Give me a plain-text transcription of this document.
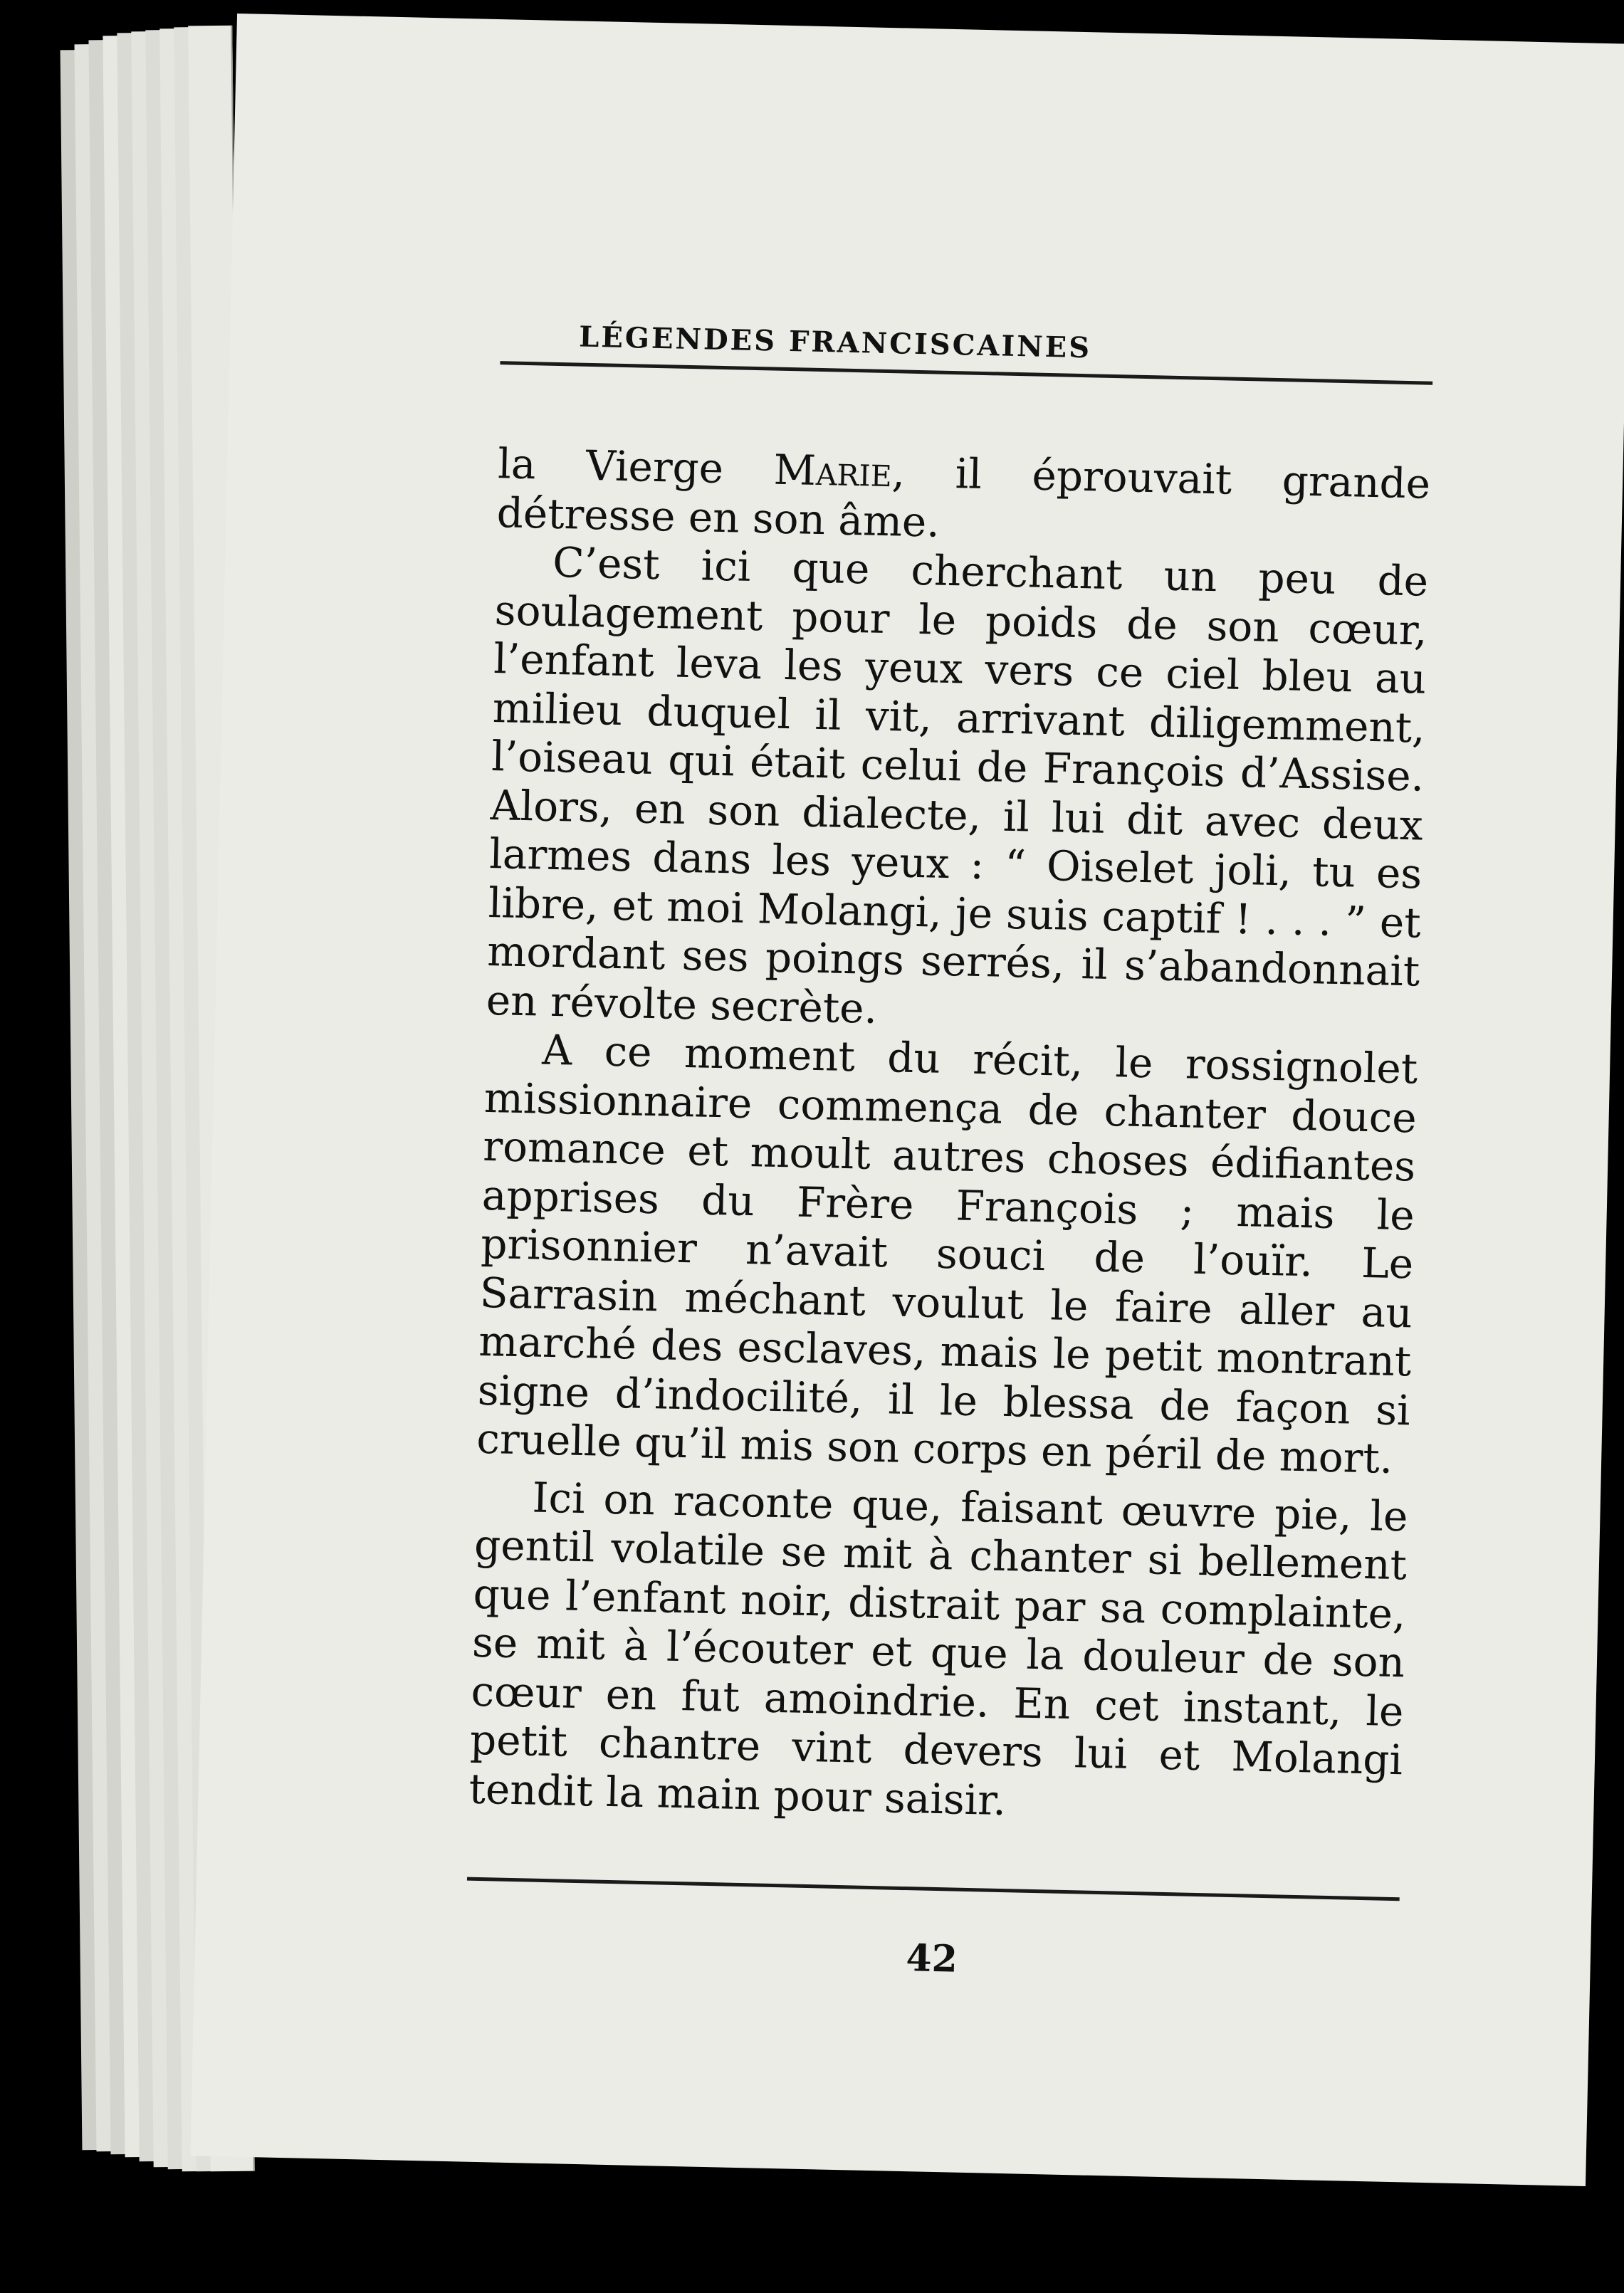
LÉGENDES FRANCISCAINES

la Vierge Marie, il éprouvait grande détresse en son âme.

C’est ici que cherchant un peu de soulagement pour le poids de son cœur, l’enfant leva les yeux vers ce ciel bleu au milieu duquel il vit, arrivant diligemment, l’oiseau qui était celui de François d’Assise. Alors, en son dialecte, il lui dit avec deux larmes dans les yeux : “ Oiselet joli, tu es libre, et moi Molangi, je suis captif ! . . . ” et mordant ses poings serrés, il s’abandonnait en révolte secrète.

A ce moment du récit, le rossignolet missionnaire commença de chanter douce romance et moult autres choses édifiantes apprises du Frère François ; mais le prisonnier n’avait souci de l’ouïr. Le Sarrasin méchant voulut le faire aller au marché des esclaves, mais le petit montrant signe d’indocilité, il le blessa de façon si cruelle qu’il mis son corps en péril de mort.

Ici on raconte que, faisant œuvre pie, le gentil volatile se mit à chanter si bellement que l’enfant noir, distrait par sa complainte, se mit à l’écouter et que la douleur de son cœur en fut amoindrie. En cet instant, le petit chantre vint devers lui et Molangi tendit la main pour saisir.

42
